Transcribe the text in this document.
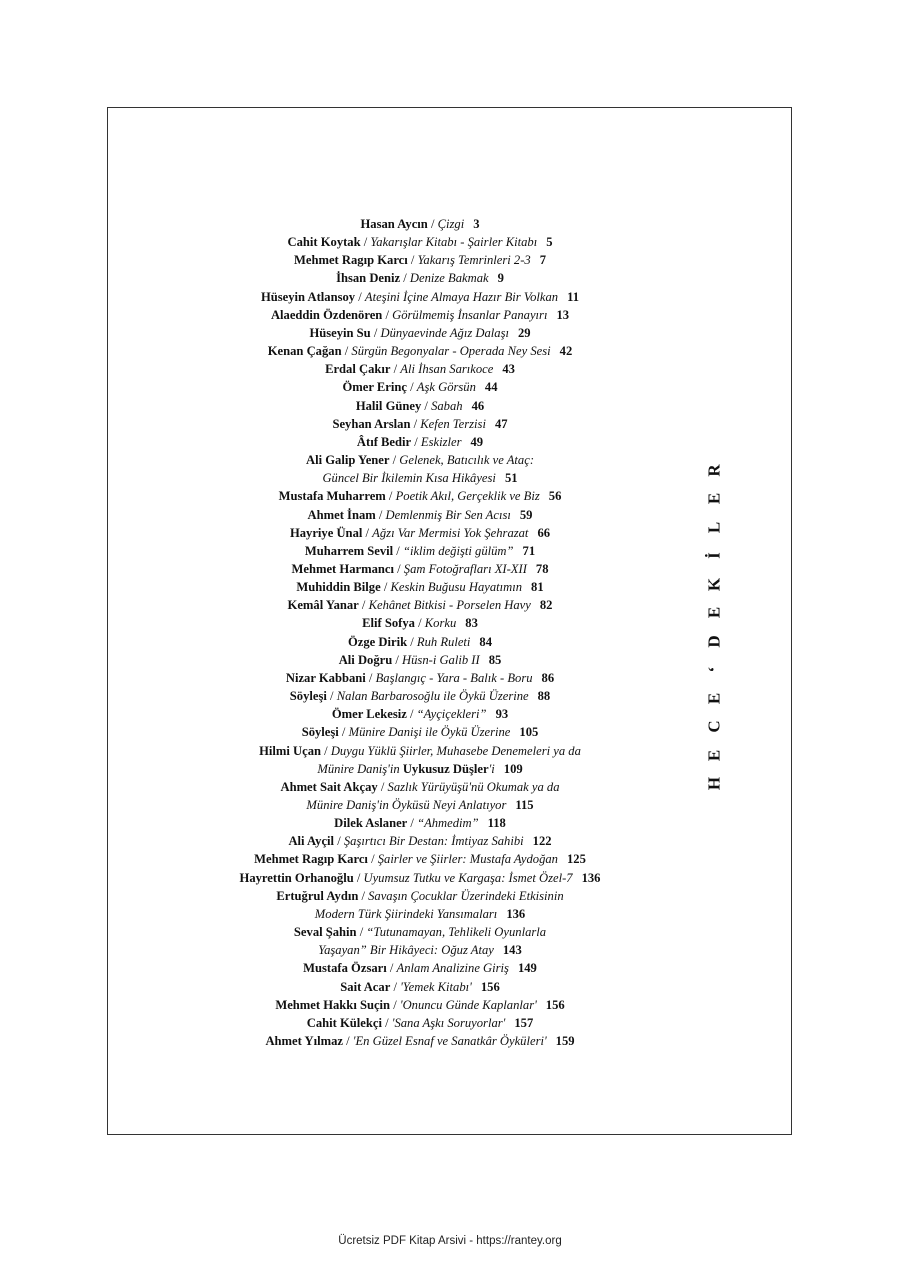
Hasan Aycın / Çizgi 3
Cahit Koytak / Yakarışlar Kitabı - Şairler Kitabı 5
Mehmet Ragıp Karcı / Yakarış Temrinleri 2-3 7
İhsan Deniz / Denize Bakmak 9
Hüseyin Atlansoy / Ateşini İçine Almaya Hazır Bir Volkan 11
Alaeddin Özdenören / Görülmemiş İnsanlar Panayırı 13
Hüseyin Su / Dünyaevinde Ağız Dalaşı 29
Kenan Çağan / Sürgün Begonyalar - Operada Ney Sesi 42
Erdal Çakır / Ali İhsan Sarıkoce 43
Ömer Erinç / Aşk Görsün 44
Halil Güney / Sabah 46
Seyhan Arslan / Kefen Terzisi 47
Âtıf Bedir / Eskizler 49
Ali Galip Yener / Gelenek, Batıcılık ve Ataç:
Güncel Bir İkilemin Kısa Hikâyesi 51
Mustafa Muharrem / Poetik Akıl, Gerçeklik ve Biz 56
Ahmet İnam / Demlenmiş Bir Sen Acısı 59
Hayriye Ünal / Ağzı Var Mermisi Yok Şehrazat 66
Muharrem Sevil / “iklim değişti gülüm” 71
Mehmet Harmancı / Şam Fotoğrafları XI-XII 78
Muhiddin Bilge / Keskin Buğusu Hayatımın 81
Kemâl Yanar / Kehânet Bitkisi - Porselen Havy 82
Elif Sofya / Korku 83
Özge Dirik / Ruh Ruleti 84
Ali Doğru / Hüsn-i Galib II 85
Nizar Kabbani / Başlangıç - Yara - Balık - Boru 86
Söyleşi / Nalan Barbarosoğlu ile Öykü Üzerine 88
Ömer Lekesiz / “Ayçiçekleri” 93
Söyleşi / Münire Danişi ile Öykü Üzerine 105
Hilmi Uçan / Duygu Yüklü Şiirler, Muhasebe Denemeleri ya da
Münire Daniş'in Uykusuz Düşler'i 109
Ahmet Sait Akçay / Sazlık Yürüyüşü'nü Okumak ya da
Münire Daniş'in Öyküsü Neyi Anlatıyor 115
Dilek Aslaner / “Ahmedim” 118
Ali Ayçil / Şaşırtıcı Bir Destan: İmtiyaz Sahibi 122
Mehmet Ragıp Karcı / Şairler ve Şiirler: Mustafa Aydoğan 125
Hayrettin Orhanoğlu / Uyumsuz Tutku ve Kargaşa: İsmet Özel-7 136
Ertuğrul Aydın / Savaşın Çocuklar Üzerindeki Etkisinin
Modern Türk Şiirindeki Yansımaları 136
Seval Şahin / “Tutunamayan, Tehlikeli Oyunlarla
Yaşayan” Bir Hikâyeci: Oğuz Atay 143
Mustafa Özsarı / Anlam Analizine Giriş 149
Sait Acar / 'Yemek Kitabı' 156
Mehmet Hakkı Suçin / 'Onuncu Günde Kaplanlar' 156
Cahit Külekçi / 'Sana Aşkı Soruyorlar' 157
Ahmet Yılmaz / 'En Güzel Esnaf ve Sanatkâr Öyküleri' 159
R
E
L
İ
K
E
D
‘
E
C
E
H
Ücretsiz PDF Kitap Arsivi - https://rantey.org
